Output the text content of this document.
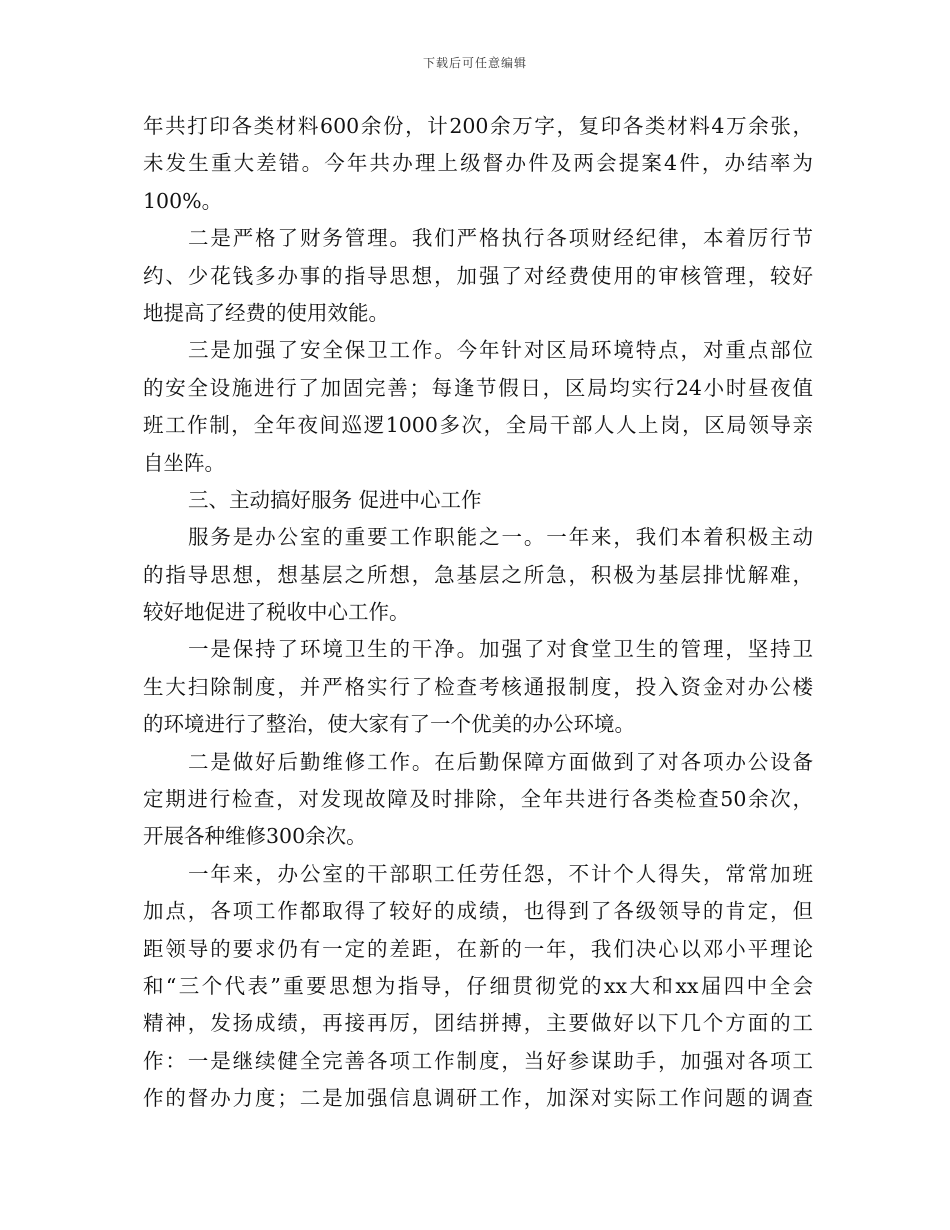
下载后可任意编辑
年共打印各类材料600余份，计200余万字，复印各类材料4万余张，
未发生重大差错。今年共办理上级督办件及两会提案4件，办结率为
100%。
二是严格了财务管理。我们严格执行各项财经纪律，本着厉行节
约、少花钱多办事的指导思想，加强了对经费使用的审核管理，较好
地提高了经费的使用效能。
三是加强了安全保卫工作。今年针对区局环境特点，对重点部位
的安全设施进行了加固完善；每逢节假日，区局均实行24小时昼夜值
班工作制，全年夜间巡逻1000多次，全局干部人人上岗，区局领导亲
自坐阵。
三、主动搞好服务 促进中心工作
服务是办公室的重要工作职能之一。一年来，我们本着积极主动
的指导思想，想基层之所想，急基层之所急，积极为基层排忧解难，
较好地促进了税收中心工作。
一是保持了环境卫生的干净。加强了对食堂卫生的管理，坚持卫
生大扫除制度，并严格实行了检查考核通报制度，投入资金对办公楼
的环境进行了整治，使大家有了一个优美的办公环境。
二是做好后勤维修工作。在后勤保障方面做到了对各项办公设备
定期进行检查，对发现故障及时排除，全年共进行各类检查50余次，
开展各种维修300余次。
一年来，办公室的干部职工任劳任怨，不计个人得失，常常加班
加点，各项工作都取得了较好的成绩，也得到了各级领导的肯定，但
距领导的要求仍有一定的差距，在新的一年，我们决心以邓小平理论
和“三个代表”重要思想为指导，仔细贯彻党的xx大和xx届四中全会
精神，发扬成绩，再接再厉，团结拼搏，主要做好以下几个方面的工
作：一是继续健全完善各项工作制度，当好参谋助手，加强对各项工
作的督办力度；二是加强信息调研工作，加深对实际工作问题的调查
